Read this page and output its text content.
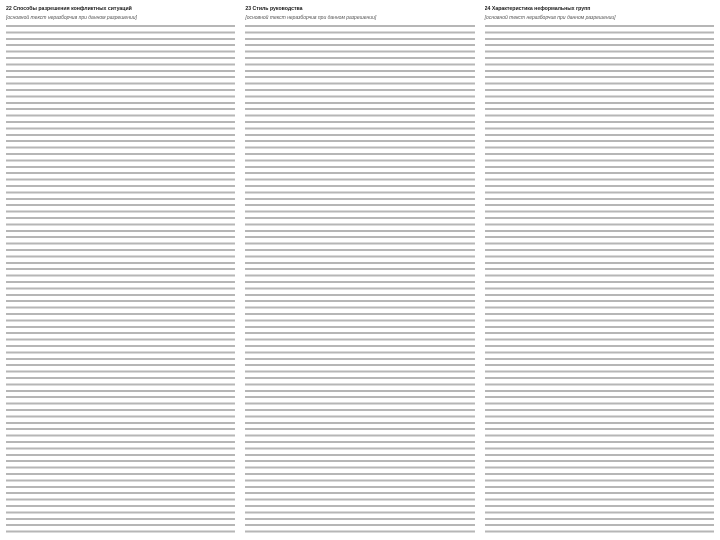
22 Способы разрешения конфликтных ситуаций
[основной текст неразборчив при данном разрешении]
23 Стиль руководства
[основной текст неразборчив при данном разрешении]
24 Характеристика неформальных групп
[основной текст неразборчив при данном разрешении]
